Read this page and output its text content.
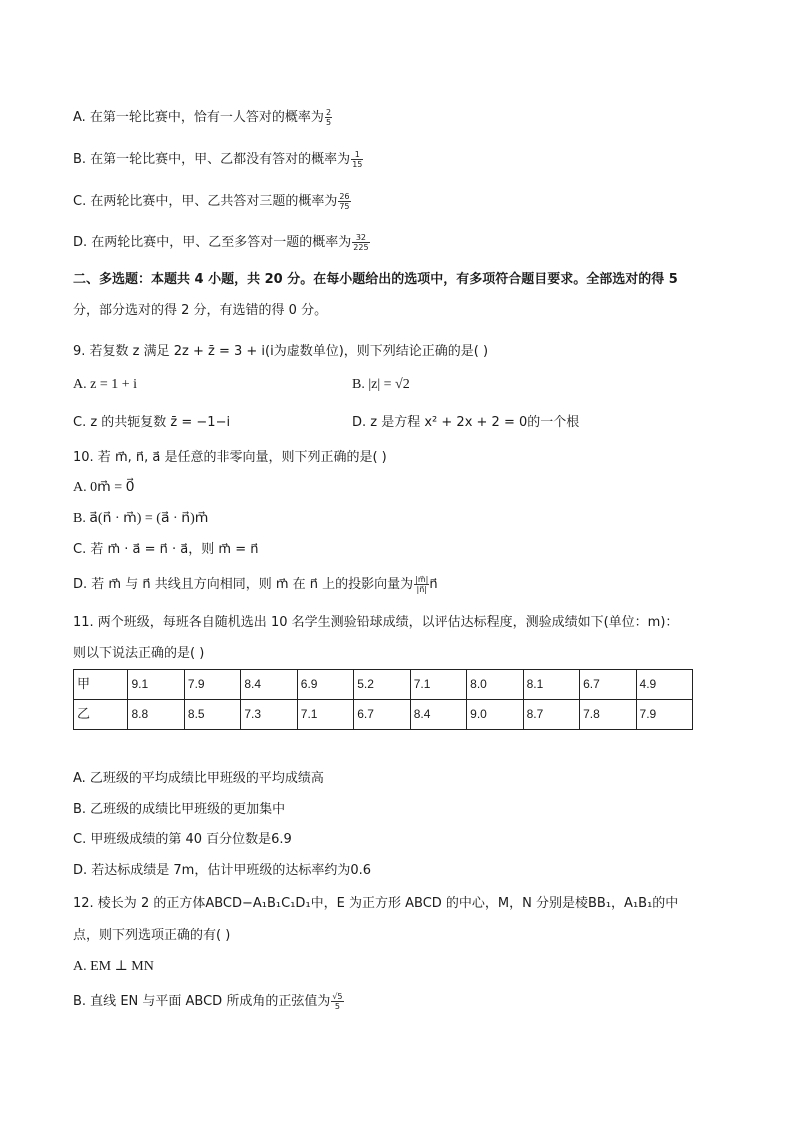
A. 在第一轮比赛中，恰有一人答对的概率为 $\frac{2}{5}$
B. 在第一轮比赛中，甲、乙都没有答对的概率为 $\frac{1}{15}$
C. 在两轮比赛中，甲、乙共答对三题的概率为 $\frac{26}{75}$
D. 在两轮比赛中，甲、乙至多答对一题的概率为 $\frac{32}{225}$
二、多选题：本题共 4 小题，共 20 分。在每小题给出的选项中，有多项符合题目要求。全部选对的得 5
分，部分选对的得 2 分，有选错的得 0 分。
9. 若复数 z 满足 2z + z̄ = 3 + i(i为虚数单位)，则下列结论正确的是( )
A. z = 1 + i	B. |z| = √2
C. z 的共轭复数 z̄ = −1−i	D. z 是方程 x² + 2x + 2 = 0的一个根
10. 若 m⃗, n⃗, a⃗ 是任意的非零向量，则下列正确的是( )
A. 0m⃗ = 0⃗
B. a⃗(n⃗ · m⃗) = (a⃗ · n⃗)m⃗
C. 若 m⃗ · a⃗ = n⃗ · a⃗，则 m⃗ = n⃗
D. 若 m⃗ 与 n⃗ 共线且方向相同，则 m⃗ 在 n⃗ 上的投影向量为 $\frac{|m⃗|}{|n⃗|}$ n⃗
11. 两个班级，每班各自随机选出 10 名学生测验铅球成绩，以评估达标程度，测验成绩如下(单位：m)：
则以下说法正确的是( )
甲	9.1	7.9	8.4	6.9	5.2	7.1	8.0	8.1	6.7	4.9
乙	8.8	8.5	7.3	7.1	6.7	8.4	9.0	8.7	7.8	7.9
A. 乙班级的平均成绩比甲班级的平均成绩高
B. 乙班级的成绩比甲班级的更加集中
C. 甲班级成绩的第 40 百分位数是6.9
D. 若达标成绩是 7m，估计甲班级的达标率约为0.6
12. 棱长为 2 的正方体ABCD−A₁B₁C₁D₁中，E 为正方形 ABCD 的中心，M，N 分别是棱BB₁，A₁B₁的中
点，则下列选项正确的有( )
A. EM ⊥ MN
B. 直线 EN 与平面 ABCD 所成角的正弦值为 $\frac{√5}{5}$
